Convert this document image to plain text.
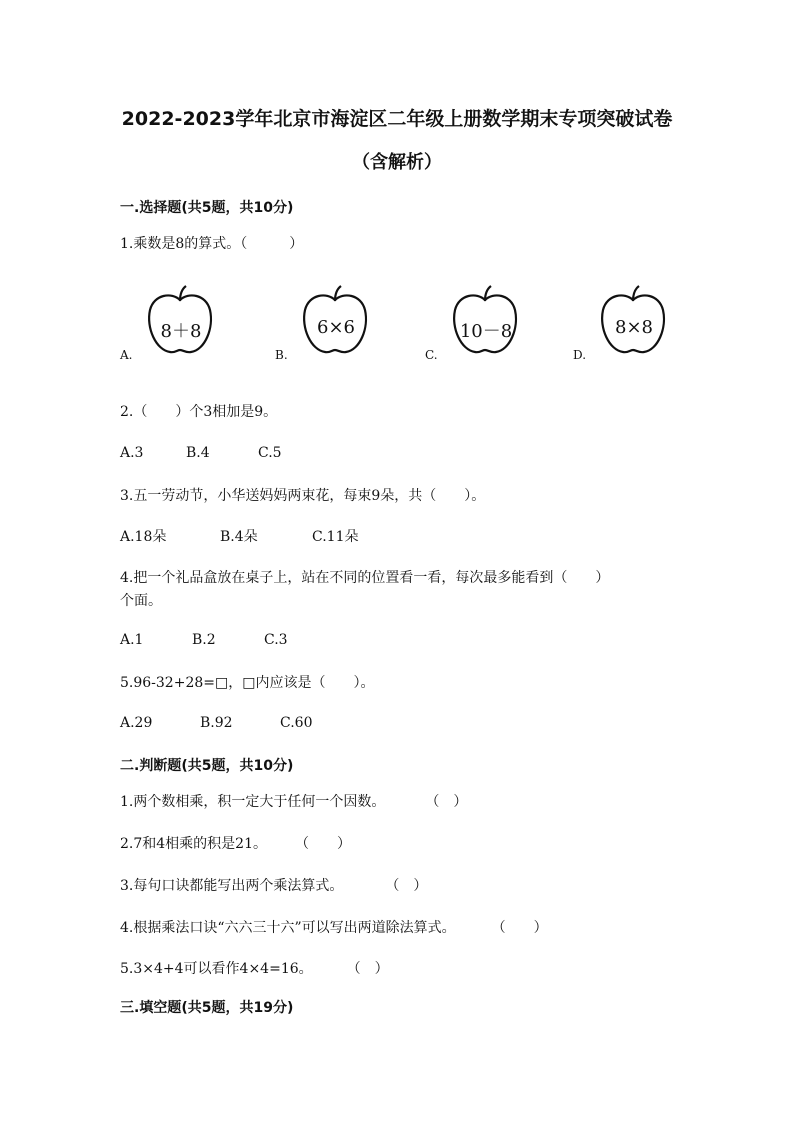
2022-2023学年北京市海淀区二年级上册数学期末专项突破试卷
（含解析）
一.选择题(共5题，共10分)
1.乘数是8的算式。（　　　）
8＋8
A.
6×6
B.
10－8
C.
8×8
D.
2.（　　）个3相加是9。
A.3	B.4	C.5
3.五一劳动节，小华送妈妈两束花，每束9朵，共（　　）。
A.18朵	B.4朵	C.11朵
4.把一个礼品盒放在桌子上，站在不同的位置看一看，每次最多能看到（　　）
个面。
A.1	B.2	C.3
5.96-32+28=□，□内应该是（　　）。
A.29	B.92	C.60
二.判断题(共5题，共10分)
1.两个数相乘，积一定大于任何一个因数。	（　）
2.7和4相乘的积是21。 （　　）
3.每句口诀都能写出两个乘法算式。	（　）
4.根据乘法口诀“六六三十六”可以写出两道除法算式。	（　　）
5.3×4+4可以看作4×4=16。 （　）
三.填空题(共5题，共19分)
